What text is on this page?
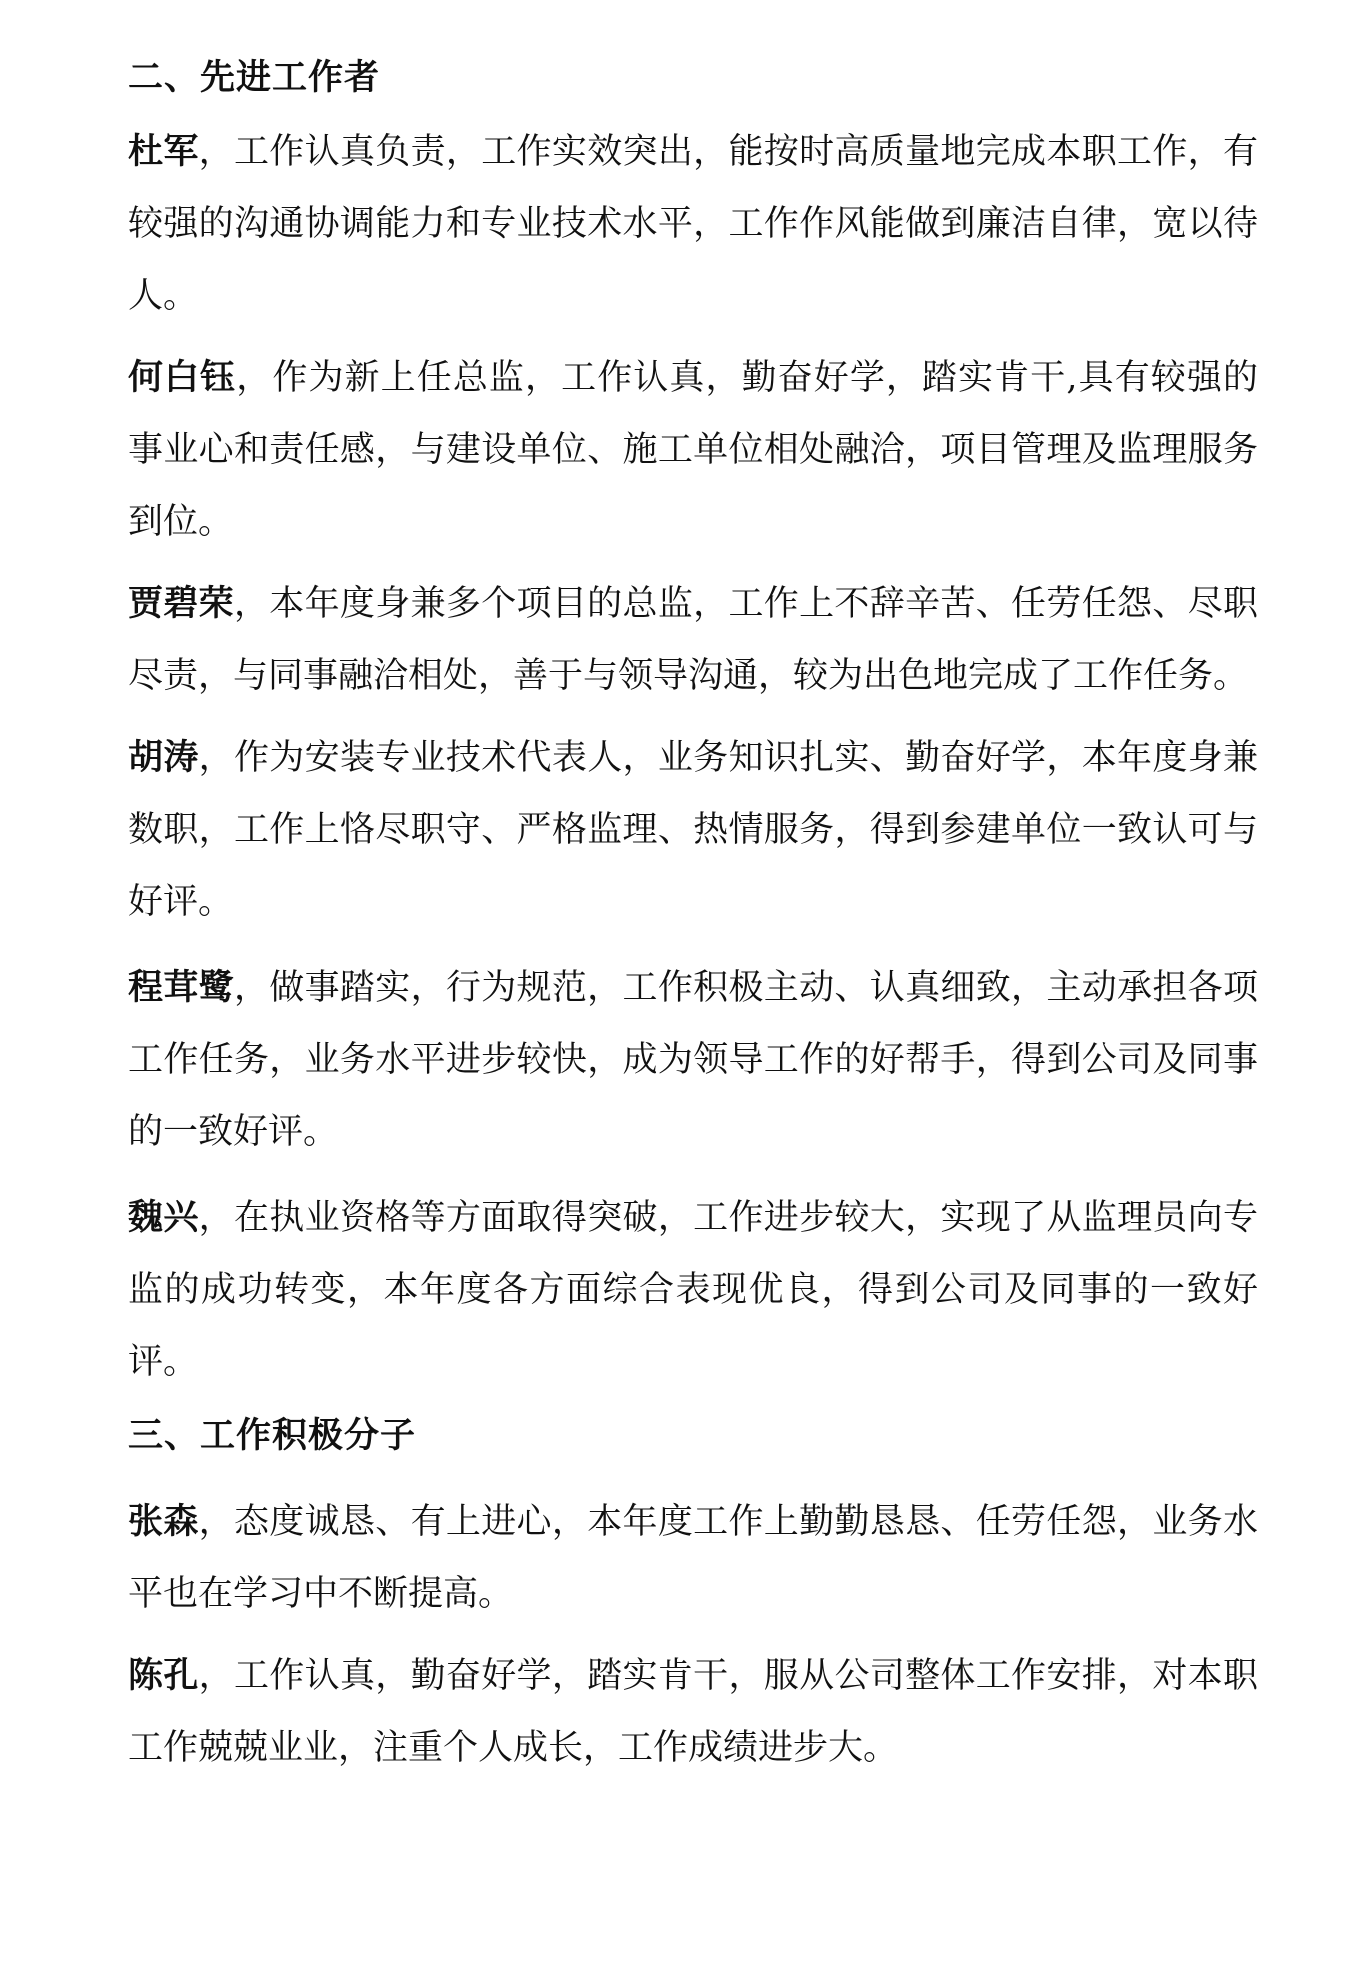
二、先进工作者

杜军，工作认真负责，工作实效突出，能按时高质量地完成本职工作，有较强的沟通协调能力和专业技术水平，工作作风能做到廉洁自律，宽以待人。

何白钰，作为新上任总监，工作认真，勤奋好学，踏实肯干,具有较强的事业心和责任感，与建设单位、施工单位相处融洽，项目管理及监理服务到位。

贾碧荣，本年度身兼多个项目的总监，工作上不辞辛苦、任劳任怨、尽职尽责，与同事融洽相处，善于与领导沟通，较为出色地完成了工作任务。

胡涛，作为安装专业技术代表人，业务知识扎实、勤奋好学，本年度身兼数职，工作上恪尽职守、严格监理、热情服务，得到参建单位一致认可与好评。

程茸鹭，做事踏实，行为规范，工作积极主动、认真细致，主动承担各项工作任务，业务水平进步较快，成为领导工作的好帮手，得到公司及同事的一致好评。

魏兴，在执业资格等方面取得突破，工作进步较大，实现了从监理员向专监的成功转变，本年度各方面综合表现优良，得到公司及同事的一致好评。

三、工作积极分子

张森，态度诚恳、有上进心，本年度工作上勤勤恳恳、任劳任怨，业务水平也在学习中不断提高。

陈孔，工作认真，勤奋好学，踏实肯干，服从公司整体工作安排，对本职工作兢兢业业，注重个人成长，工作成绩进步大。
